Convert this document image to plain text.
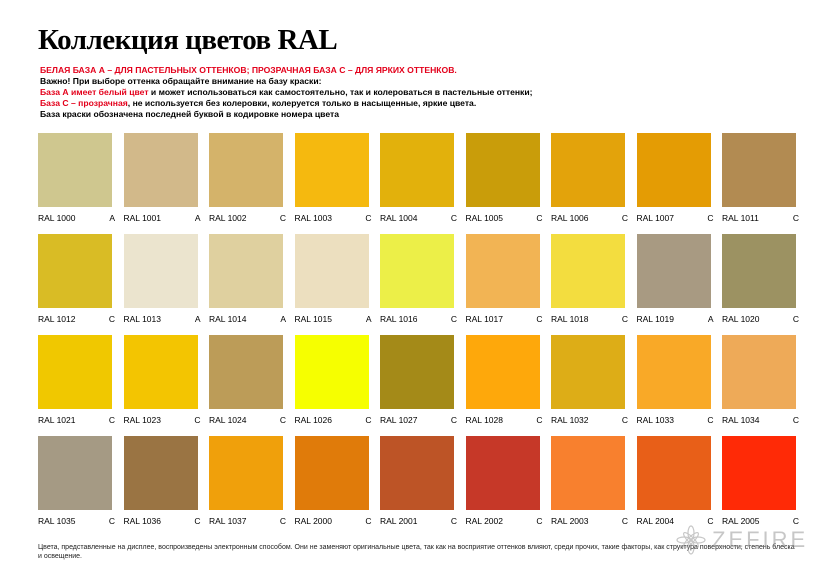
Коллекция цветов RAL
БЕЛАЯ БАЗА А – ДЛЯ ПАСТЕЛЬНЫХ ОТТЕНКОВ; ПРОЗРАЧНАЯ БАЗА С – ДЛЯ ЯРКИХ ОТТЕНКОВ.
Важно! При выборе оттенка обращайте внимание на базу краски:
База А имеет белый цвет и может использоваться как самостоятельно, так и колероваться в пастельные оттенки;
База С – прозрачная, не используется без колеровки, колеруется только в насыщенные, яркие цвета.
База краски обозначена последней буквой в кодировке номера цвета
RAL 1000	A RAL 1001	A RAL 1002	C RAL 1003	C RAL 1004	C RAL 1005	C RAL 1006	C RAL 1007	C RAL 1011	C
RAL 1012	C RAL 1013	A RAL 1014	A RAL 1015	A RAL 1016	C RAL 1017	C RAL 1018	C RAL 1019	A RAL 1020	C
RAL 1021	C RAL 1023	C RAL 1024	C RAL 1026	C RAL 1027	C RAL 1028	C RAL 1032	C RAL 1033	C RAL 1034	C
RAL 1035	C RAL 1036	C RAL 1037	C RAL 2000	C RAL 2001	C RAL 2002	C RAL 2003	C RAL 2004	C RAL 2005	C
Цвета, представленные на дисплее, воспроизведены электронным способом. Они не заменяют оригинальные цвета, так как на восприятие оттенков влияют, среди прочих, такие факторы, как структура поверхности, степень блеска и освещение.
ZEFIRE
